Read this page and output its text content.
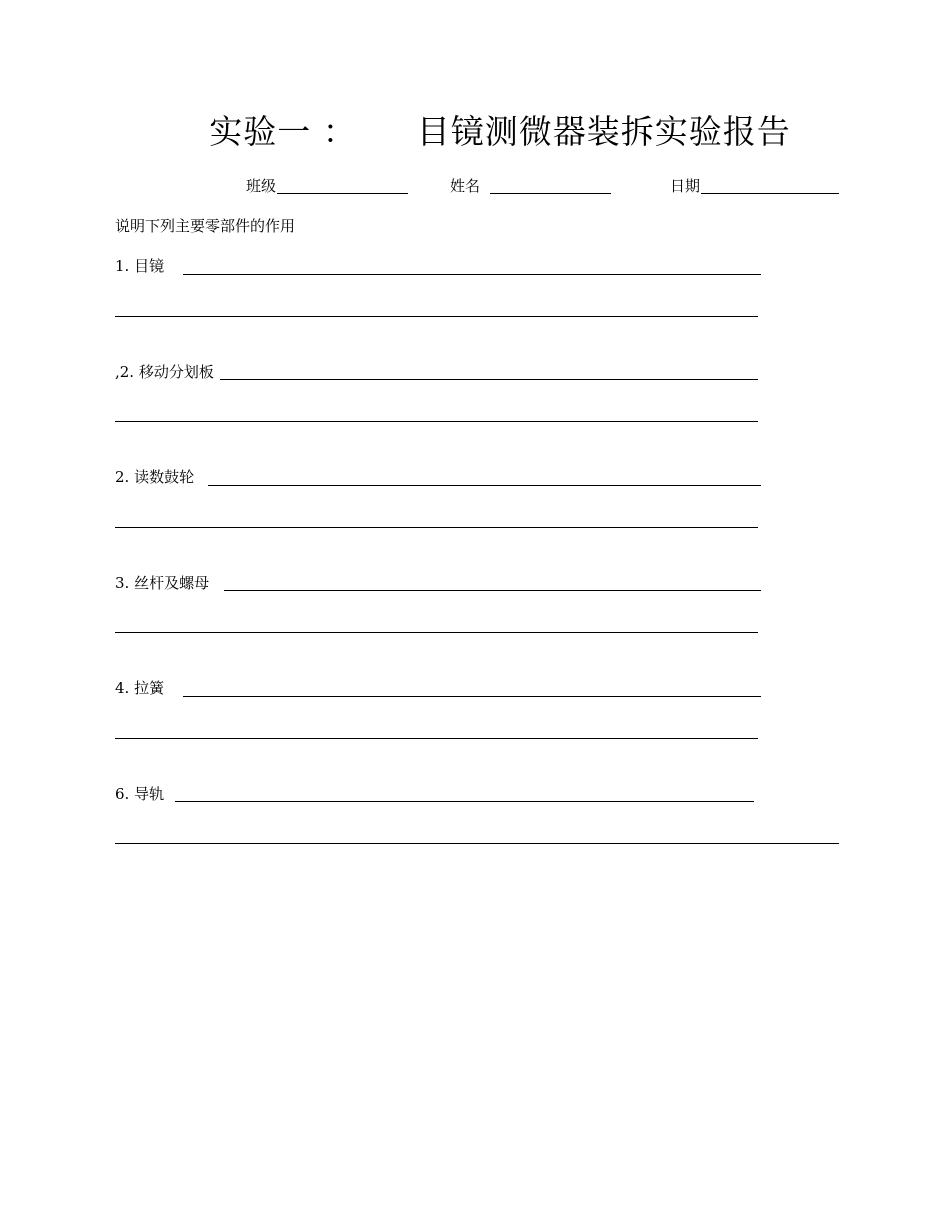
实验一 ： 目镜测微器装拆实验报告
班级	姓名	日期
说明下列主要零部件的作用
1. 目镜
,2. 移动分划板
2. 读数鼓轮
3. 丝杆及螺母
4. 拉簧
6. 导轨
